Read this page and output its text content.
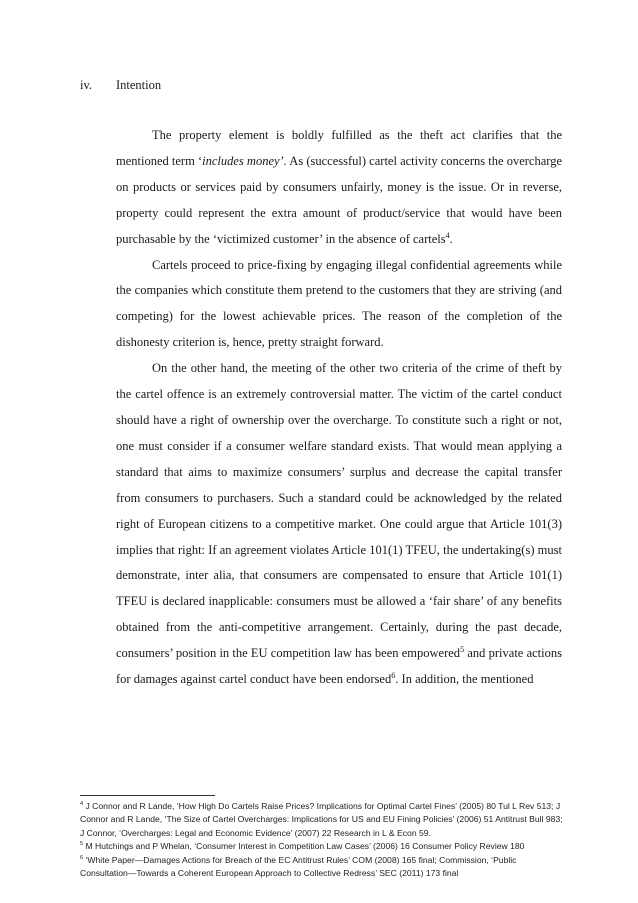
iv. Intention

The property element is boldly fulfilled as the theft act clarifies that the mentioned term ‘includes money’. As (successful) cartel activity concerns the overcharge on products or services paid by consumers unfairly, money is the issue. Or in reverse, property could represent the extra amount of product/service that would have been purchasable by the ‘victimized customer’ in the absence of cartels$^4$.

Cartels proceed to price-fixing by engaging illegal confidential agreements while the companies which constitute them pretend to the customers that they are striving (and competing) for the lowest achievable prices. The reason of the completion of the dishonesty criterion is, hence, pretty straight forward.

On the other hand, the meeting of the other two criteria of the crime of theft by the cartel offence is an extremely controversial matter. The victim of the cartel conduct should have a right of ownership over the overcharge. To constitute such a right or not, one must consider if a consumer welfare standard exists. That would mean applying a standard that aims to maximize consumers’ surplus and decrease the capital transfer from consumers to purchasers. Such a standard could be acknowledged by the related right of European citizens to a competitive market. One could argue that Article 101(3) implies that right: If an agreement violates Article 101(1) TFEU, the undertaking(s) must demonstrate, inter alia, that consumers are compensated to ensure that Article 101(1) TFEU is declared inapplicable: consumers must be allowed a ‘fair share’ of any benefits obtained from the anti-competitive arrangement. Certainly, during the past decade, consumers’ position in the EU competition law has been empowered$^5$ and private actions for damages against cartel conduct have been endorsed$^6$. In addition, the mentioned

$^4$ J Connor and R Lande, ‘How High Do Cartels Raise Prices? Implications for Optimal Cartel Fines’ (2005) 80 Tul L Rev 513; J Connor and R Lande, ‘The Size of Cartel Overcharges: Implications for US and EU Fining Policies’ (2006) 51 Antitrust Bull 983; J Connor, ‘Overcharges: Legal and Economic Evidence’ (2007) 22 Research in L & Econ 59.

$^5$ M Hutchings and P Whelan, ‘Consumer Interest in Competition Law Cases’ (2006) 16 Consumer Policy Review 180

$^6$ ‘White Paper—Damages Actions for Breach of the EC Antitrust Rules’ COM (2008) 165 final; Commission, ‘Public Consultation—Towards a Coherent European Approach to Collective Redress’ SEC (2011) 173 final
